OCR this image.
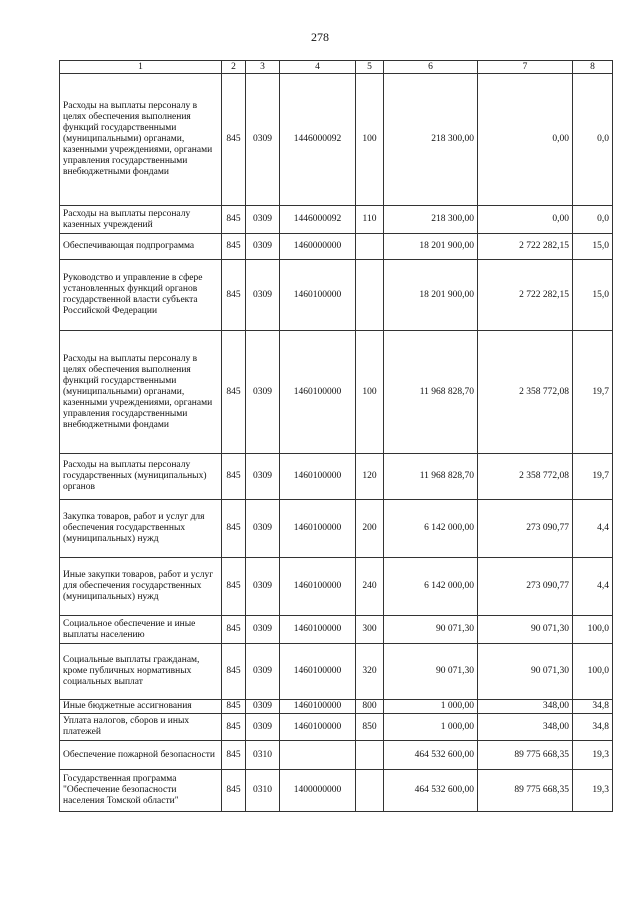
278
1	2	3	4	5	6	7	8
Расходы на выплаты персоналу в целях обеспечения выполнения функций государственными (муниципальными) органами, казенными учреждениями, органами управления государственными внебюджетными фондами	845	0309	1446000092	100	218 300,00	0,00	0,0
Расходы на выплаты персоналу казенных учреждений	845	0309	1446000092	110	218 300,00	0,00	0,0
Обеспечивающая подпрограмма	845	0309	1460000000		18 201 900,00	2 722 282,15	15,0
Руководство и управление в сфере установленных функций органов государственной власти субъекта Российской Федерации	845	0309	1460100000		18 201 900,00	2 722 282,15	15,0
Расходы на выплаты персоналу в целях обеспечения выполнения функций государственными (муниципальными) органами, казенными учреждениями, органами управления государственными внебюджетными фондами	845	0309	1460100000	100	11 968 828,70	2 358 772,08	19,7
Расходы на выплаты персоналу государственных (муниципальных) органов	845	0309	1460100000	120	11 968 828,70	2 358 772,08	19,7
Закупка товаров, работ и услуг для обеспечения государственных (муниципальных) нужд	845	0309	1460100000	200	6 142 000,00	273 090,77	4,4
Иные закупки товаров, работ и услуг для обеспечения государственных (муниципальных) нужд	845	0309	1460100000	240	6 142 000,00	273 090,77	4,4
Социальное обеспечение и иные выплаты населению	845	0309	1460100000	300	90 071,30	90 071,30	100,0
Социальные выплаты гражданам, кроме публичных нормативных социальных выплат	845	0309	1460100000	320	90 071,30	90 071,30	100,0
Иные бюджетные ассигнования	845	0309	1460100000	800	1 000,00	348,00	34,8
Уплата налогов, сборов и иных платежей	845	0309	1460100000	850	1 000,00	348,00	34,8
Обеспечение пожарной безопасности	845	0310			464 532 600,00	89 775 668,35	19,3
Государственная программа "Обеспечение безопасности населения Томской области"	845	0310	1400000000		464 532 600,00	89 775 668,35	19,3
